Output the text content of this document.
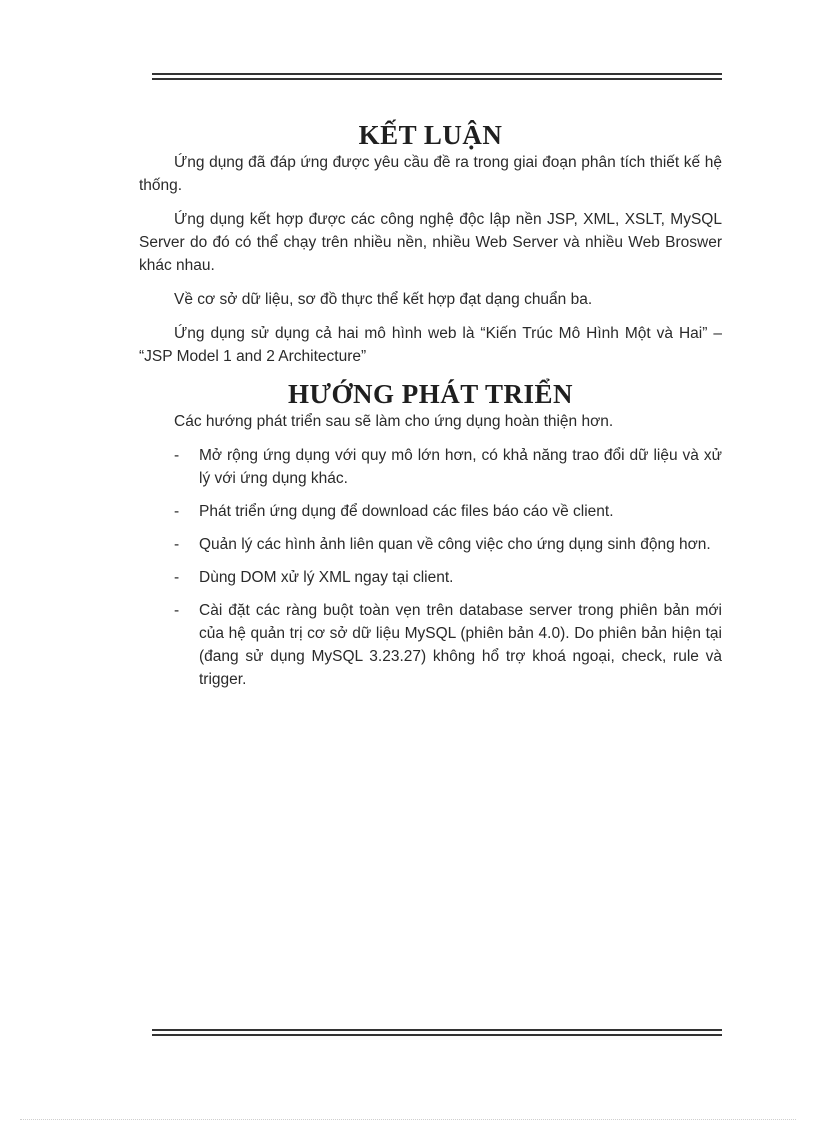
KẾT LUẬN

Ứng dụng đã đáp ứng được yêu cầu đề ra trong giai đoạn phân tích thiết kế hệ thống.

Ứng dụng kết hợp được các công nghệ độc lập nền JSP, XML, XSLT, MySQL Server do đó có thể chạy trên nhiều nền, nhiều Web Server và nhiều Web Broswer khác nhau.

Về cơ sở dữ liệu, sơ đồ thực thể kết hợp đạt dạng chuẩn ba.

Ứng dụng sử dụng cả hai mô hình web là “Kiến Trúc Mô Hình Một và Hai” – “JSP Model 1 and 2 Architecture”

HƯỚNG PHÁT TRIỂN

Các hướng phát triển sau sẽ làm cho ứng dụng hoàn thiện hơn.

- Mở rộng ứng dụng với quy mô lớn hơn, có khả năng trao đổi dữ liệu và xử lý với ứng dụng khác.
- Phát triển ứng dụng để download các files báo cáo về client.
- Quản lý các hình ảnh liên quan về công việc cho ứng dụng sinh động hơn.
- Dùng DOM xử lý XML ngay tại client.
- Cài đặt các ràng buột toàn vẹn trên database server trong phiên bản mới của hệ quản trị cơ sở dữ liệu MySQL (phiên bản 4.0). Do phiên bản hiện tại (đang sử dụng MySQL 3.23.27) không hổ trợ khoá ngoại, check, rule và trigger.
